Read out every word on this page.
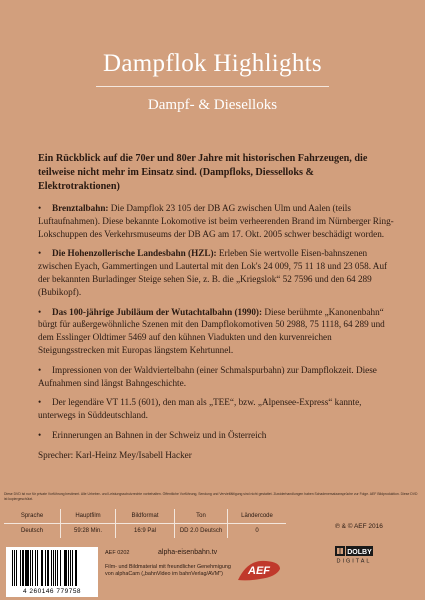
Dampflok Highlights
Dampf- & Dieselloks
Ein Rückblick auf die 70er und 80er Jahre mit historischen Fahrzeugen, die teilweise nicht mehr im Einsatz sind. (Dampfloks, Diesselloks & Elektrotraktionen)
• Brenztalbahn: Die Dampflok 23 105 der DB AG zwischen Ulm und Aalen (teils Luftaufnahmen). Diese bekannte Lokomotive ist beim verheerenden Brand im Nürnberger Ring-Lokschuppen des Verkehrsmuseums der DB AG am 17. Okt. 2005 schwer beschädigt worden.
• Die Hohenzollerische Landesbahn (HZL): Erleben Sie wertvolle Eisen-bahnszenen zwischen Eyach, Gammertingen und Lautertal mit den Lok's 24 009, 75 11 18 und 23 058. Auf der bekannten Burladinger Steige sehen Sie, z. B. die „Kriegslok“ 52 7596 und den 64 289 (Bubikopf).
• Das 100-jährige Jubiläum der Wutachtalbahn (1990): Diese berühmte „Kanonenbahn“ bürgt für außergewöhnliche Szenen mit den Dampflokomotiven 50 2988, 75 1118, 64 289 und dem Esslinger Oldtimer 5469 auf den kühnen Viadukten und den kurvenreichen Steigungsstrecken mit Europas längstem Kehrtunnel.
• Impressionen von der Waldviertelbahn (einer Schmalspurbahn) zur Dampflokzeit. Diese Aufnahmen sind längst Bahngeschichte.
• Der legendäre VT 11.5 (601), den man als „TEE“, bzw. „Alpensee-Express“ kannte, unterwegs in Süddeutschland.
• Erinnerungen an Bahnen in der Schweiz und in Österreich
Sprecher: Karl-Heinz Mey/Isabell Hacker
Diese DVD ist nur für private Vorführung bestimmt. Alle Urheber- und Leistungsschutzrechte vorbehalten. Öffentliche Vorführung, Sendung und Vervielfältigung sind nicht gestattet. Zuwiderhandlungen haben Schadenersatzansprüche zur Folge. AEF Bildproduktion. Diese DVD ist kopiergeschützt.
Sprache	Hauptfilm	Bildformat	Ton	Ländercode
Deutsch	59:28 Min.	16:9 Pal	DD 2.0 Deutsch	0
℗ & © AEF 2016
DOLBY
DIGITAL
4 260146 779758
AEF 0202	alpha-eisenbahn.tv
Film- und Bildmaterial mit freundlicher Genehmigung von alphaCam („bahnVideo im bahnVerlag/AVM")	AEF
